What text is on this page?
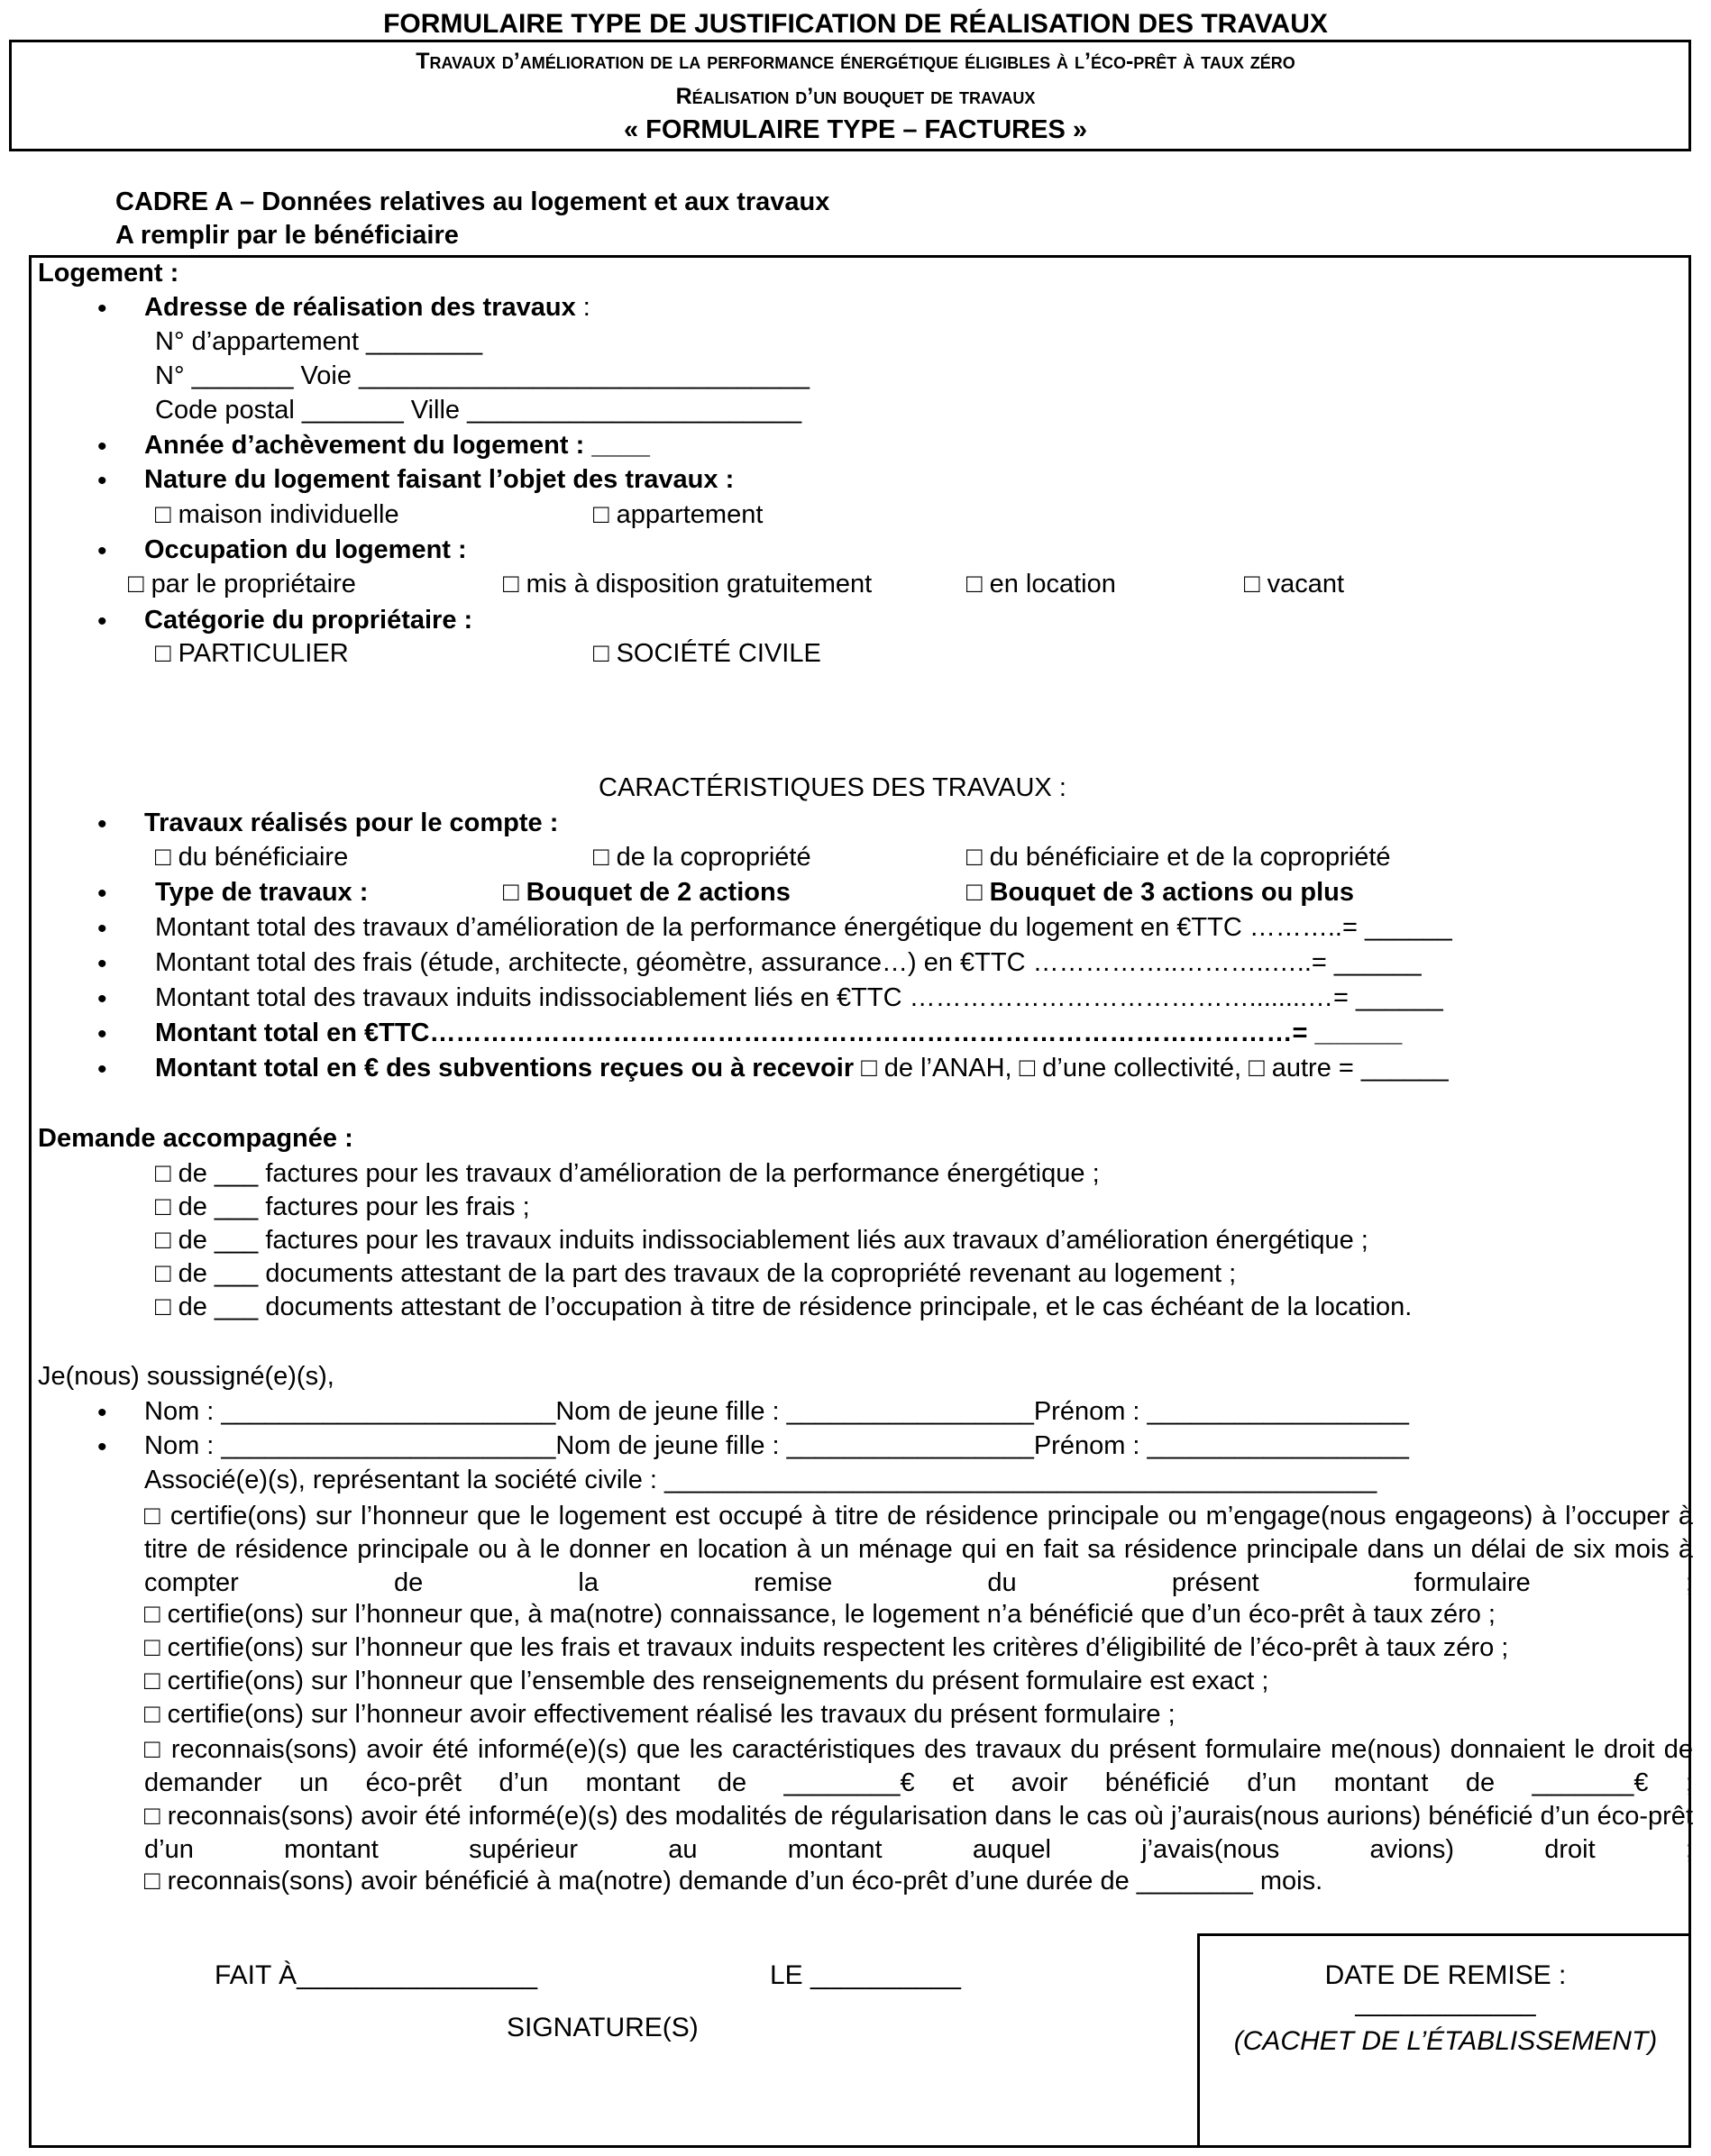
FORMULAIRE TYPE DE JUSTIFICATION DE RÉALISATION DES TRAVAUX
Travaux d’amélioration de la performance énergétique éligibles à l’éco-prêt à taux zéro
Réalisation d’un bouquet de travaux
« FORMULAIRE TYPE – FACTURES »
CADRE A – Données relatives au logement et aux travaux
A remplir par le bénéficiaire
Logement :
• Adresse de réalisation des travaux :
N° d’appartement ________
N° _______ Voie _______________________________
Code postal _______ Ville _______________________
• Année d’achèvement du logement : ____
• Nature du logement faisant l’objet des travaux :
□ maison individuelle	□ appartement
• Occupation du logement :
□ par le propriétaire	□ mis à disposition gratuitement	□ en location	□ vacant
• Catégorie du propriétaire :
□ PARTICULIER	□ SOCIÉTÉ CIVILE
CARACTÉRISTIQUES DES TRAVAUX :
• Travaux réalisés pour le compte :
□ du bénéficiaire	□ de la copropriété	□ du bénéficiaire et de la copropriété
• Type de travaux :	□ Bouquet de 2 actions	□ Bouquet de 3 actions ou plus
• Montant total des travaux d’amélioration de la performance énergétique du logement en €TTC ………..= ______
• Montant total des frais (étude, architecte, géomètre, assurance…) en €TTC ……………..………..…..= ______
• Montant total des travaux induits indissociablement liés en €TTC …………………………………........…= ______
• Montant total en €TTC………………………………………………………………………………………= ______
• Montant total en € des subventions reçues ou à recevoir □ de l’ANAH, □ d’une collectivité, □ autre = ______
Demande accompagnée :
□ de ___ factures pour les travaux d’amélioration de la performance énergétique ;
□ de ___ factures pour les frais ;
□ de ___ factures pour les travaux induits indissociablement liés aux travaux d’amélioration énergétique ;
□ de ___ documents attestant de la part des travaux de la copropriété revenant au logement ;
□ de ___ documents attestant de l’occupation à titre de résidence principale, et le cas échéant de la location.
Je(nous) soussigné(e)(s),
• Nom : _______________________Nom de jeune fille : _________________Prénom : __________________
• Nom : _______________________Nom de jeune fille : _________________Prénom : __________________
Associé(e)(s), représentant la société civile : _________________________________________________
□ certifie(ons) sur l’honneur que le logement est occupé à titre de résidence principale ou m’engage(nous engageons) à l’occuper à titre de résidence principale ou à le donner en location à un ménage qui en fait sa résidence principale dans un délai de six mois à compter de la remise du présent formulaire ;
□ certifie(ons) sur l’honneur que, à ma(notre) connaissance, le logement n’a bénéficié que d’un éco-prêt à taux zéro ;
□ certifie(ons) sur l’honneur que les frais et travaux induits respectent les critères d’éligibilité de l’éco-prêt à taux zéro ;
□ certifie(ons) sur l’honneur que l’ensemble des renseignements du présent formulaire est exact ;
□ certifie(ons) sur l’honneur avoir effectivement réalisé les travaux du présent formulaire ;
□ reconnais(sons) avoir été informé(e)(s) que les caractéristiques des travaux du présent formulaire me(nous) donnaient le droit de demander un éco-prêt d’un montant de ________€ et avoir bénéficié d’un montant de _______€ ;
□ reconnais(sons) avoir été informé(e)(s) des modalités de régularisation dans le cas où j’aurais(nous aurions) bénéficié d’un éco-prêt d’un montant supérieur au montant auquel j’avais(nous avions) droit ;
□ reconnais(sons) avoir bénéficié à ma(notre) demande d’un éco-prêt d’une durée de ________ mois.
FAIT À________________	LE __________
SIGNATURE(S)
DATE DE REMISE :
____________
(CACHET DE L’ÉTABLISSEMENT)
